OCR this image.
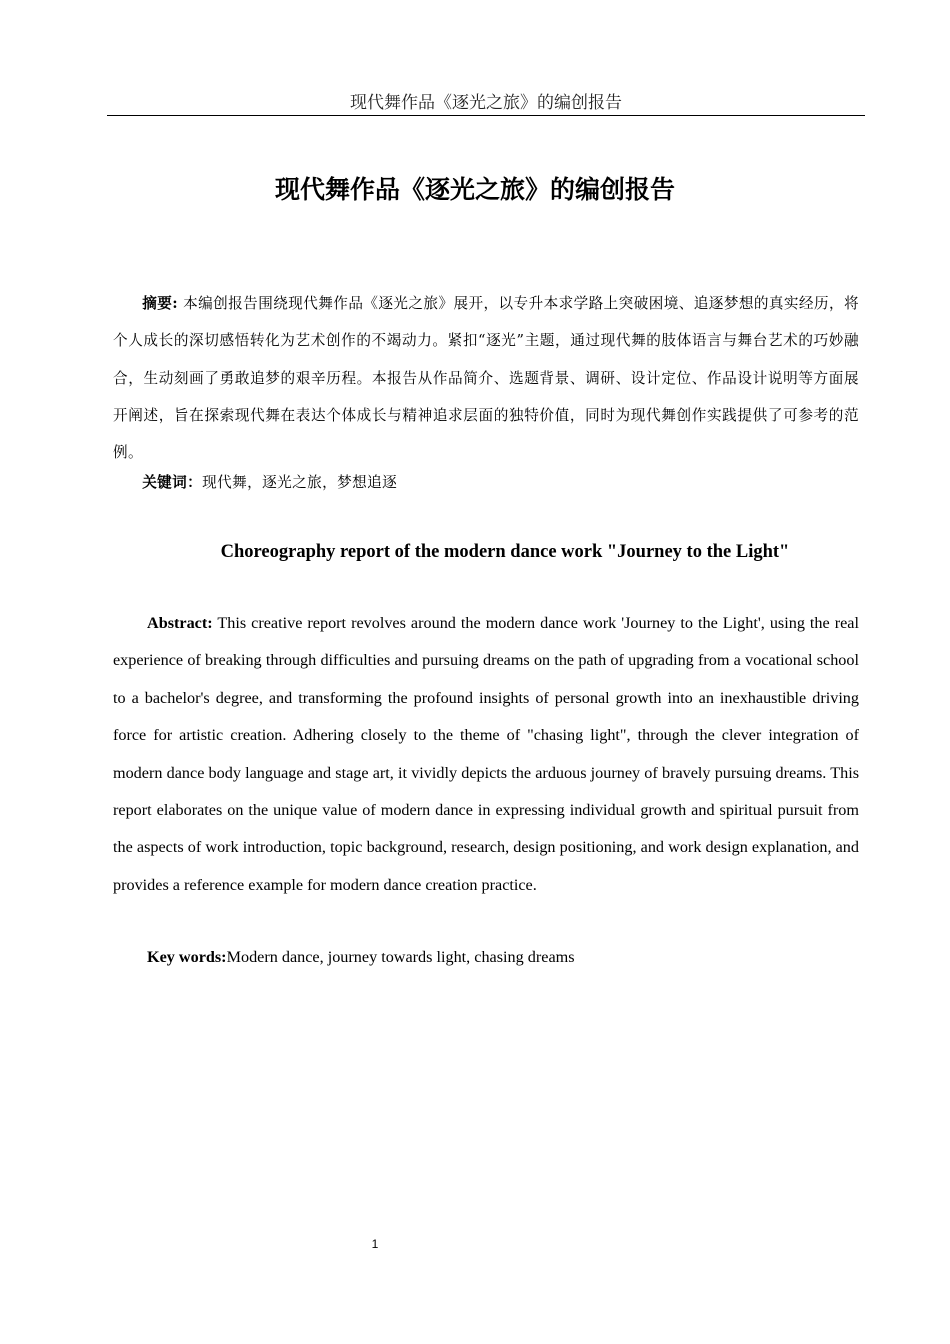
现代舞作品《逐光之旅》的编创报告
现代舞作品《逐光之旅》的编创报告

摘要: 本编创报告围绕现代舞作品《逐光之旅》展开，以专升本求学路上突破困境、追逐梦想的真实经历，将个人成长的深切感悟转化为艺术创作的不竭动力。紧扣“逐光”主题，通过现代舞的肢体语言与舞台艺术的巧妙融合，生动刻画了勇敢追梦的艰辛历程。本报告从作品简介、选题背景、调研、设计定位、作品设计说明等方面展开阐述，旨在探索现代舞在表达个体成长与精神追求层面的独特价值，同时为现代舞创作实践提供了可参考的范例。

关键词：现代舞，逐光之旅，梦想追逐

Choreography report of the modern dance work "Journey to the Light"

Abstract: This creative report revolves around the modern dance work 'Journey to the Light', using the real experience of breaking through difficulties and pursuing dreams on the path of upgrading from a vocational school to a bachelor's degree, and transforming the profound insights of personal growth into an inexhaustible driving force for artistic creation. Adhering closely to the theme of "chasing light", through the clever integration of modern dance body language and stage art, it vividly depicts the arduous journey of bravely pursuing dreams. This report elaborates on the unique value of modern dance in expressing individual growth and spiritual pursuit from the aspects of work introduction, topic background, research, design positioning, and work design explanation, and provides a reference example for modern dance creation practice.

Key words:Modern dance, journey towards light, chasing dreams

1
